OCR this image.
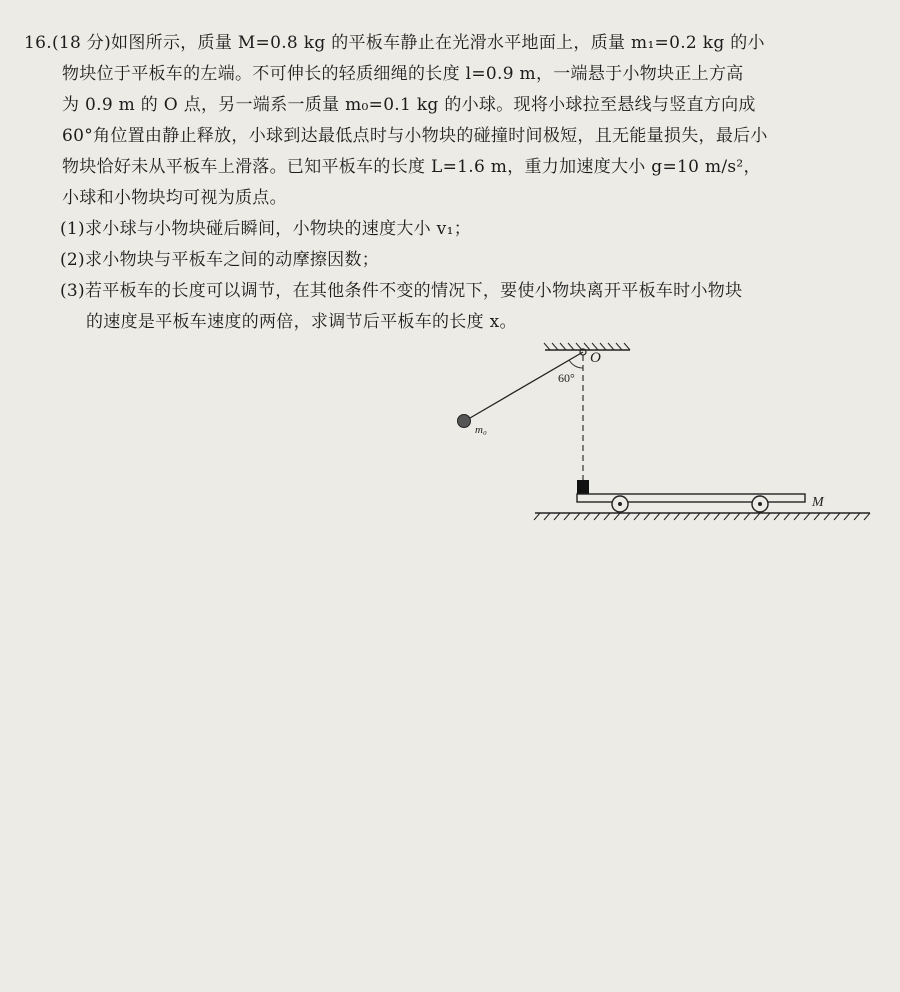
16.(18 分)如图所示，质量 M=0.8 kg 的平板车静止在光滑水平地面上，质量 m₁=0.2 kg 的小
物块位于平板车的左端。不可伸长的轻质细绳的长度 l=0.9 m，一端悬于小物块正上方高
为 0.9 m 的 O 点，另一端系一质量 m₀=0.1 kg 的小球。现将小球拉至悬线与竖直方向成
60°角位置由静止释放，小球到达最低点时与小物块的碰撞时间极短，且无能量损失，最后小
物块恰好未从平板车上滑落。已知平板车的长度 L=1.6 m，重力加速度大小 g=10 m/s²，
小球和小物块均可视为质点。
(1)求小球与小物块碰后瞬间，小物块的速度大小 v₁；
(2)求小物块与平板车之间的动摩擦因数；
(3)若平板车的长度可以调节，在其他条件不变的情况下，要使小物块离开平板车时小物块
的速度是平板车速度的两倍，求调节后平板车的长度 x。
O
60°
m₀
M
